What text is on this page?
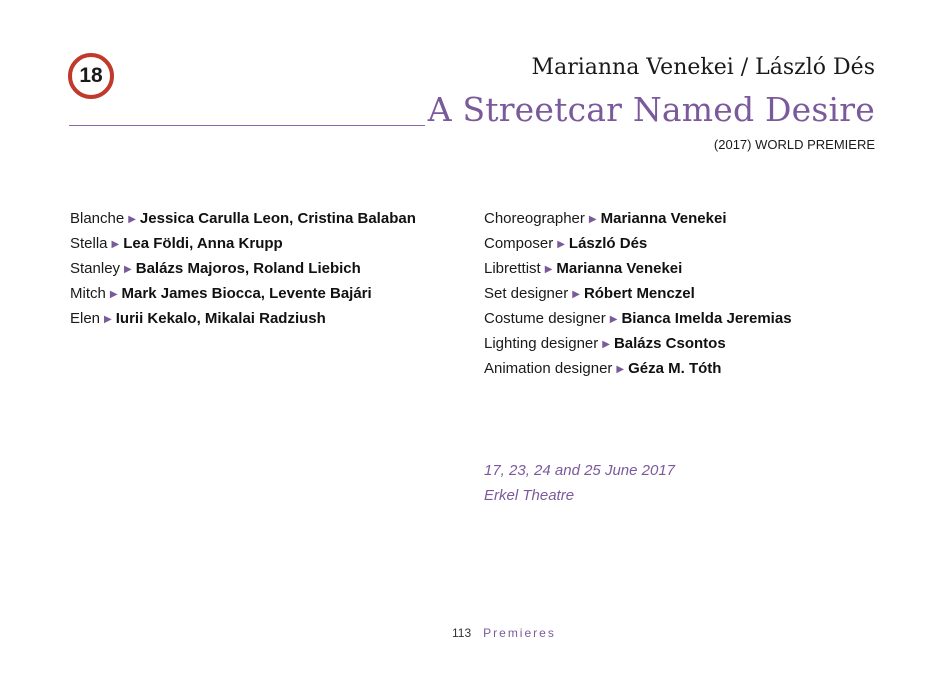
18	Marianna Venekei / László Dés
A Streetcar Named Desire
(2017) WORLD PREMIERE
Blanche ▶ Jessica Carulla Leon, Cristina Balaban
Stella ▶ Lea Földi, Anna Krupp
Stanley ▶ Balázs Majoros, Roland Liebich
Mitch ▶ Mark James Biocca, Levente Bajári
Elen ▶ Iurii Kekalo, Mikalai Radziush
Choreographer ▶ Marianna Venekei
Composer ▶ László Dés
Librettist ▶ Marianna Venekei
Set designer ▶ Róbert Menczel
Costume designer ▶ Bianca Imelda Jeremias
Lighting designer ▶ Balázs Csontos
Animation designer ▶ Géza M. Tóth
17, 23, 24 and 25 June 2017
Erkel Theatre
113 Premieres
